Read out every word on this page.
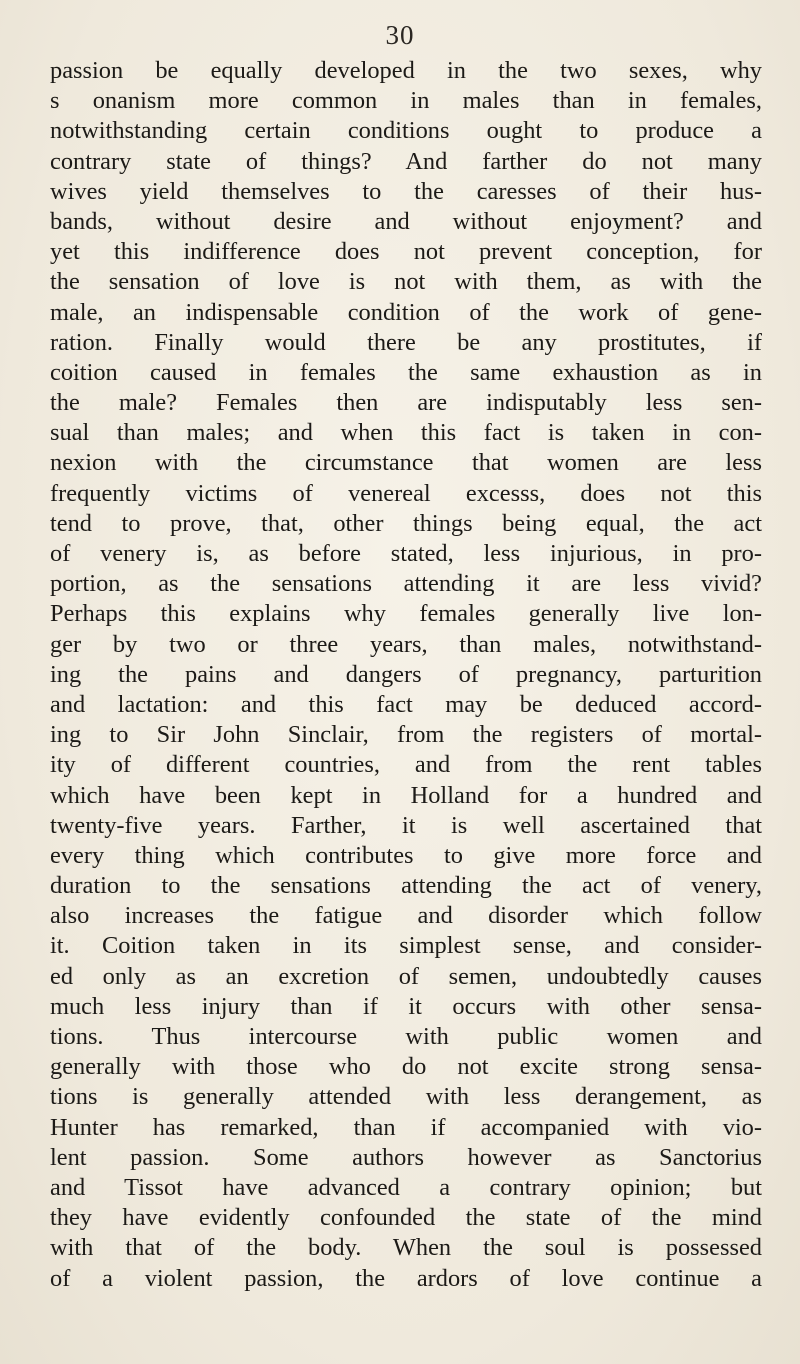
30
passion be equally developed in the two sexes, why
s onanism more common in males than in females,
notwithstanding certain conditions ought to produce a
contrary state of things? And farther do not many
wives yield themselves to the caresses of their hus-
bands, without desire and without enjoyment? and
yet this indifference does not prevent conception, for
the sensation of love is not with them, as with the
male, an indispensable condition of the work of gene-
ration. Finally would there be any prostitutes, if
coition caused in females the same exhaustion as in
the male? Females then are indisputably less sen-
sual than males; and when this fact is taken in con-
nexion with the circumstance that women are less
frequently victims of venereal excesss, does not this
tend to prove, that, other things being equal, the act
of venery is, as before stated, less injurious, in pro-
portion, as the sensations attending it are less vivid?
Perhaps this explains why females generally live lon-
ger by two or three years, than males, notwithstand-
ing the pains and dangers of pregnancy, parturition
and lactation: and this fact may be deduced accord-
ing to Sir John Sinclair, from the registers of mortal-
ity of different countries, and from the rent tables
which have been kept in Holland for a hundred and
twenty-five years. Farther, it is well ascertained that
every thing which contributes to give more force and
duration to the sensations attending the act of venery,
also increases the fatigue and disorder which follow
it. Coition taken in its simplest sense, and consider-
ed only as an excretion of semen, undoubtedly causes
much less injury than if it occurs with other sensa-
tions. Thus intercourse with public women and
generally with those who do not excite strong sensa-
tions is generally attended with less derangement, as
Hunter has remarked, than if accompanied with vio-
lent passion. Some authors however as Sanctorius
and Tissot have advanced a contrary opinion; but
they have evidently confounded the state of the mind
with that of the body. When the soul is possessed
of a violent passion, the ardors of love continue a
